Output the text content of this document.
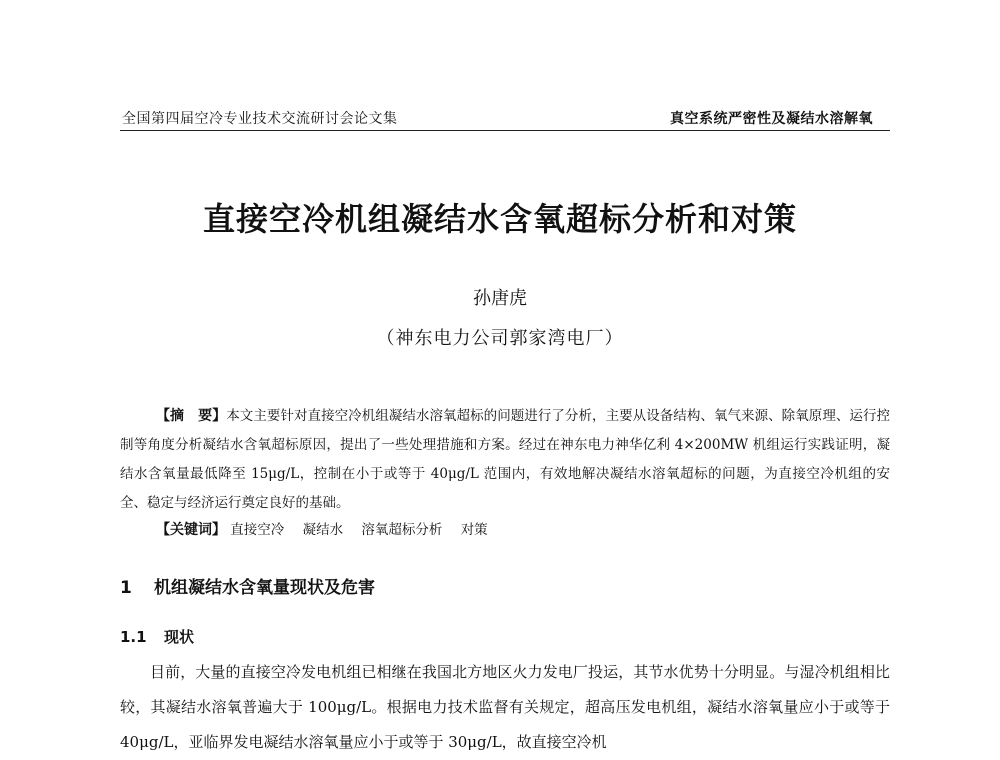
全国第四届空冷专业技术交流研讨会论文集	真空系统严密性及凝结水溶解氧
直接空冷机组凝结水含氧超标分析和对策
孙唐虎
（神东电力公司郭家湾电厂）
【摘　要】本文主要针对直接空冷机组凝结水溶氧超标的问题进行了分析，主要从设备结构、氧气来源、除氧原理、运行控制等角度分析凝结水含氧超标原因，提出了一些处理措施和方案。经过在神东电力神华亿利 4×200MW 机组运行实践证明，凝结水含氧量最低降至 15μg/L，控制在小于或等于 40μg/L 范围内，有效地解决凝结水溶氧超标的问题，为直接空冷机组的安全、稳定与经济运行奠定良好的基础。
【关键词】 直接空冷 凝结水 溶氧超标分析 对策
1 机组凝结水含氧量现状及危害
1.1 现状
目前，大量的直接空冷发电机组已相继在我国北方地区火力发电厂投运，其节水优势十分明显。与湿冷机组相比较，其凝结水溶氧普遍大于 100μg/L。根据电力技术监督有关规定，超高压发电机组，凝结水溶氧量应小于或等于 40μg/L，亚临界发电凝结水溶氧量应小于或等于 30μg/L，故直接空冷机
